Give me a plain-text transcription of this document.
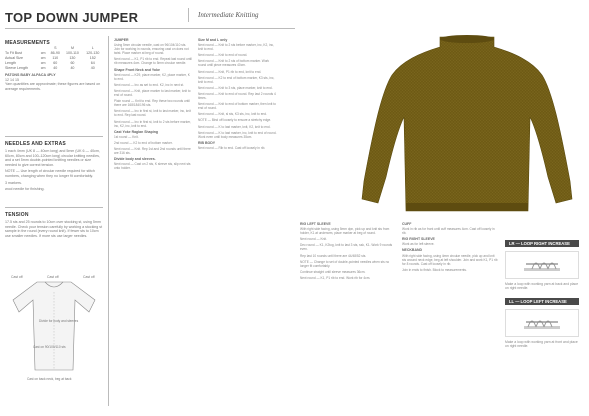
TOP DOWN JUMPER	Intermediate Knitting
MEASUREMENTS
		S	M	L
To Fit Bust	cm	86-90	100-110	120-130
Actual Size	cm	110	130	152
Length	cm	60	60	64
Sleeve Length	cm	40	40	40
PATONS BABY ALPACA 4PLY
12 14 15
Yarn quantities are approximate; these figures are based on average requirements.
NEEDLES AND EXTRAS
1 each 4mm (UK 8 — 40cm long) and 5mm (UK 6 — 40cm, 60cm, 80cm and 100–120cm long) circular knitting needles, and a set 5mm double-pointed knitting needles or size needed to give correct tension.
NOTE — Use length of circular needle required for stitch numbers, changing when they no longer fit comfortably.
3 markers.
wool needle for finishing.
TENSION
17.5 sts and 25 rounds to 10cm over stocking st, using 5mm needle. Check your tension carefully by working a stocking st sample in the round (every round knit). If fewer sts to 10cm use smaller needles. If more sts use larger needles.
Cast off	Cast off	Cast off
Divide for body and sleeves
Cast on 90/100/110 sts
Cast on back neck, beg at back

JUMPER

Using 5mm circular needle, cast on 96/104/110 sts. Join for working in rounds, ensuring cast on does not twist. Place marker at beg of round.

Next round — K1, P1 rib to end. Repeat last round until rib measures 4cm. Change to 5mm circular needle.

Shape Front Neck and Yoke

Next round — K29, place marker, K2, place marker, K to end.

Next round — Inc as set to end. K2, inc in next st.

Next round — Knit, place marker to last marker, knit to end of round.

Plain round — Knit to end. Rep these two rounds until there are 168/184/196 sts.

Next round — Inc in first st, knit to last marker, inc, knit to end. Rep last round.

Next round — Inc in first st, knit to 2 sts before marker, inc, K2, inc, knit to end.

Cast Yoke Raglan Shaping

1st round — Knit.

2nd round — K2 to end of bottom marker.

Next round — Knit. Rep 1st and 2nd rounds until there are 316 sts.

Divide body and sleeves.

Next round — Cast on 2 sts, K sleeve sts, slip next sts onto holder.

Size M and L only

Next round — Knit to 2 sts before marker, inc, K2, inc, knit to end.

Next round — Knit to end of round.

Next round — Knit to 2 sts of bottom marker. Work round until piece measures 40cm.

Next round — Knit, P1 rib to end, knit to end.

Next round — K2 to end of bottom marker, K3 sts, inc, knit to end.

Next round — Knit to 3 sts, place marker, knit to end.

Next round — Knit to end of round. Rep last 2 rounds 4 times.

Next round — Knit to end of bottom marker, then knit to end of round.

Next round — Knit, sl sts, K3 sts, inc, knit to end.

NOTE — Bind off loosely to ensure a stretchy edge.

Next round — K to last marker, knit, K2, knit to end.

Next round — K to last marker, inc, knit to end of round. Work even until body measures 35cm.

RIB BODY

Next round — Rib to end. Cast off loosely in rib.

RIG LEFT SLEEVE

With right side facing, using 5mm dpn, pick up and knit sts from holder, K1 at underarm, place marker at beg of round.

Next round — Knit.

Dec round — K1, K2tog, knit to last 3 sts, ssk, K1. Work 9 rounds even.

Rep last 10 rounds until there are 44/48/52 sts.

NOTE — Change to set of double-pointed needles when sts no longer fit comfortably.

Continue straight until sleeve measures 36cm.

Next round — K1, P1 rib to end. Work rib for 4cm.

CUFF

Work in rib as for front until cuff measures 4cm. Cast off loosely in rib.

RIG RIGHT SLEEVE

Work as for left sleeve.

NECKBAND

With right side facing, using 4mm circular needle, pick up and knit sts around neck edge, beg at left shoulder. Join and work K1, P1 rib for 8 rounds. Cast off loosely in rib.

Join in ends to finish. Block to measurements.

LR — LOOP RIGHT INCREASE
Make a loop with working yarn at back and place on right needle.
LL — LOOP LEFT INCREASE
Make a loop with working yarn at front and place on right needle.
